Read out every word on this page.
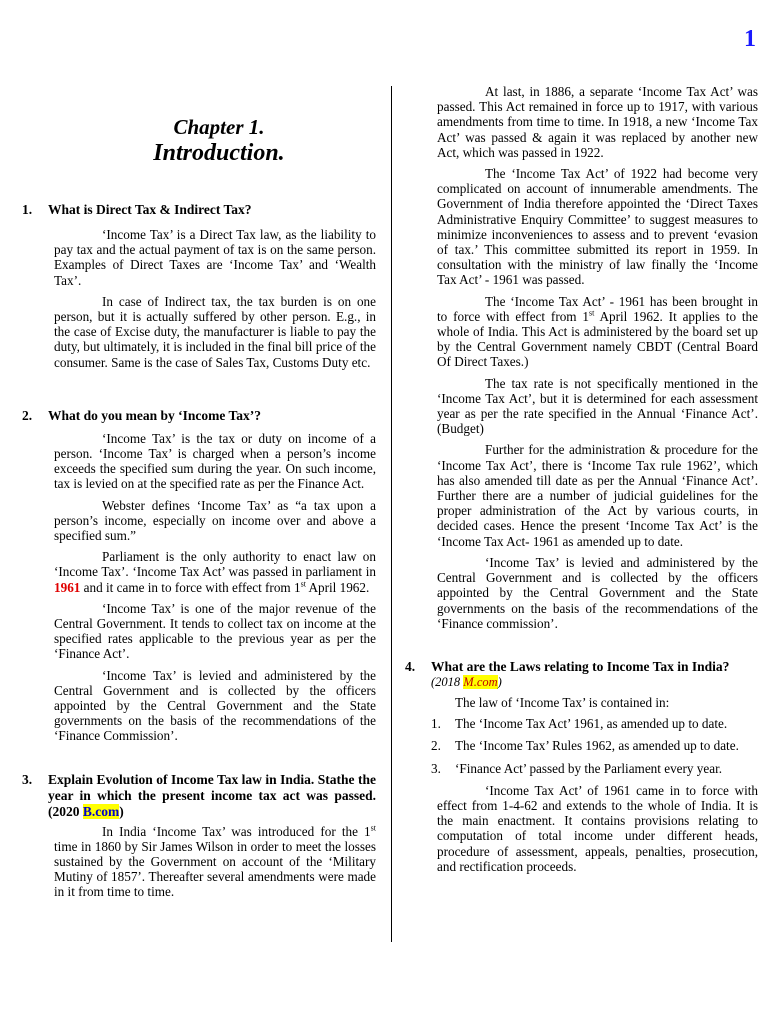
1
Chapter 1.
Introduction.
1.	What is Direct Tax & Indirect Tax?

‘Income Tax’ is a Direct Tax law, as the liability to pay tax and the actual payment of tax is on the same person. Examples of Direct Taxes are ‘Income Tax’ and ‘Wealth Tax’.

In case of Indirect tax, the tax burden is on one person, but it is actually suffered by other person. E.g., in the case of Excise duty, the manufacturer is liable to pay the duty, but ultimately, it is included in the final bill price of the consumer. Same is the case of Sales Tax, Customs Duty etc.

2.	What do you mean by ‘Income Tax’?

‘Income Tax’ is the tax or duty on income of a person. ‘Income Tax’ is charged when a person’s income exceeds the specified sum during the year. On such income, tax is levied on at the specified rate as per the Finance Act.

Webster defines ‘Income Tax’ as “a tax upon a person’s income, especially on income over and above a specified sum.”

Parliament is the only authority to enact law on ‘Income Tax’. ‘Income Tax Act’ was passed in parliament in 1961 and it came in to force with effect from 1st April 1962.

‘Income Tax’ is one of the major revenue of the Central Government. It tends to collect tax on income at the specified rates applicable to the previous year as per the ‘Finance Act’.

‘Income Tax’ is levied and administered by the Central Government and is collected by the officers appointed by the Central Government and the State governments on the basis of the recommendations of the ‘Finance Commission’.

3.	Explain Evolution of Income Tax law in India. Stathe the year in which the present income tax act was passed. (2020 B.com)

In India ‘Income Tax’ was introduced for the 1st time in 1860 by Sir James Wilson in order to meet the losses sustained by the Government on account of the ‘Military Mutiny of 1857’. Thereafter several amendments were made in it from time to time.

At last, in 1886, a separate ‘Income Tax Act’ was passed. This Act remained in force up to 1917, with various amendments from time to time. In 1918, a new ‘Income Tax Act’ was passed & again it was replaced by another new Act, which was passed in 1922.

The ‘Income Tax Act’ of 1922 had become very complicated on account of innumerable amendments. The Government of India therefore appointed the ‘Direct Taxes Administrative Enquiry Committee’ to suggest measures to minimize inconveniences to assess and to prevent ‘evasion of tax.’ This committee submitted its report in 1959. In consultation with the ministry of law finally the ‘Income Tax Act’ - 1961 was passed.

The ‘Income Tax Act’ - 1961 has been brought in to force with effect from 1st April 1962. It applies to the whole of India. This Act is administered by the board set up by the Central Government namely CBDT (Central Board Of Direct Taxes.)

The tax rate is not specifically mentioned in the ‘Income Tax Act’, but it is determined for each assessment year as per the rate specified in the Annual ‘Finance Act’. (Budget)

Further for the administration & procedure for the ‘Income Tax Act’, there is ‘Income Tax rule 1962’, which has also amended till date as per the Annual ‘Finance Act’. Further there are a number of judicial guidelines for the proper administration of the Act by various courts, in decided cases. Hence the present ‘Income Tax Act’ is the ‘Income Tax Act- 1961 as amended up to date.

‘Income Tax’ is levied and administered by the Central Government and is collected by the officers appointed by the Central Government and the State governments on the basis of the recommendations of the ‘Finance commission’.

4.	What are the Laws relating to Income Tax in India?
(2018 M.com)

The law of ‘Income Tax’ is contained in:

1.	The ‘Income Tax Act’ 1961, as amended up to date.
2.	The ‘Income Tax’ Rules 1962, as amended up to date.
3.	‘Finance Act’ passed by the Parliament every year.

‘Income Tax Act’ of 1961 came in to force with effect from 1-4-62 and extends to the whole of India. It is the main enactment. It contains provisions relating to computation of total income under different heads, procedure of assessment, appeals, penalties, prosecution, and rectification proceeds.
